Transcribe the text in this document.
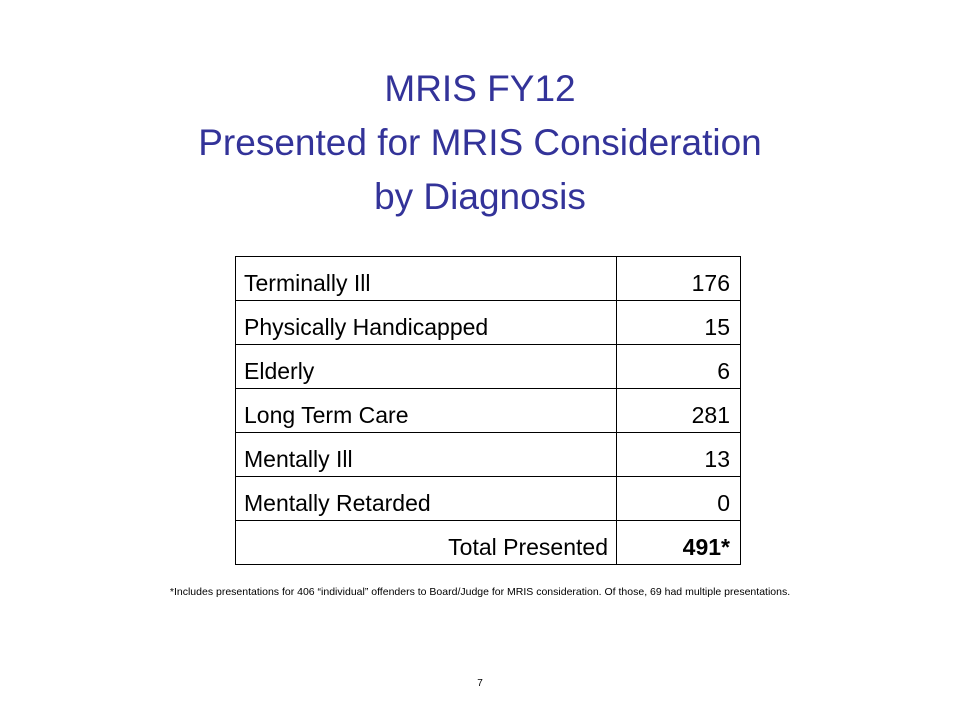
MRIS FY12
Presented for MRIS Consideration
by Diagnosis
Terminally Ill	176
Physically Handicapped	15
Elderly	6
Long Term Care	281
Mentally Ill	13
Mentally Retarded	0
Total Presented	491*
*Includes presentations for 406 “individual” offenders to Board/Judge for MRIS consideration. Of those, 69 had multiple presentations.
7
